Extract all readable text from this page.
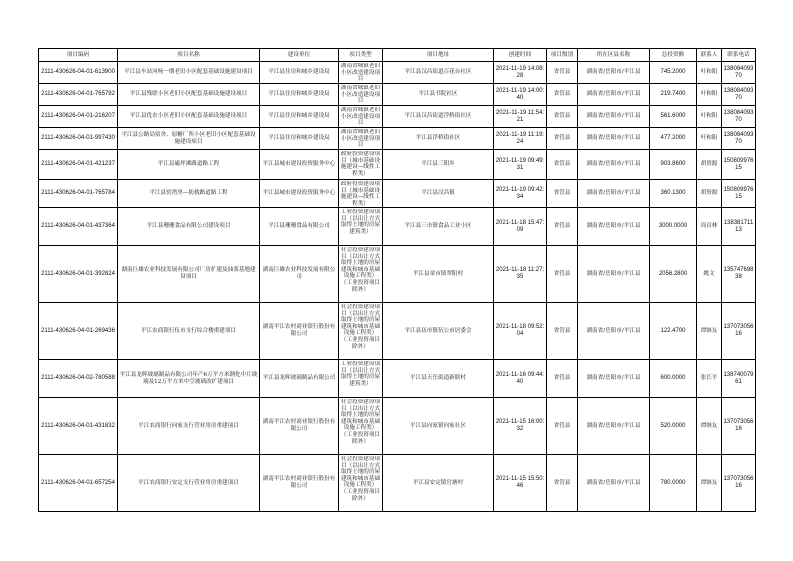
项目编码	项目名称	建设单位	项目类型	项目地址	创建时间	项目级别	所在区县名称	总投资额	联系人	联系电话
2111-430626-04-01-613900	平江县车站河杨一期老旧小区配套基础设施建设项目	平江县住房和城乡建设局	湖南省城镇老旧小区改造建设项目	平江县汉昌街道百花台社区	2021-11-19 14:08:28	省管县	湖南省/岳阳市/平江县	745.2000	叶和阳	13808409370
2111-430626-04-01-765792	平江县残联小区老旧小区配套基础设施建设项目	平江县住房和城乡建设局	湖南省城镇老旧小区改造建设项目	平江县书院社区	2021-11-19 14:00:40	省管县	湖南省/岳阳市/平江县	219.7400	叶和阳	13808409370
2111-430626-04-01-216207	平江县优农小区老旧小区配套基础设施建设项目	平江县住房和城乡建设局	湖南省城镇老旧小区改造建设项目	平江县汉昌街道浮桥街社区	2021-11-19 11:54:21	省管县	湖南省/岳阳市/平江县	561.6000	叶和阳	13808409370
2111-430626-04-01-997430	平江县公路局宿舍、原糖厂所小区老旧小区配套基础设施建设项目	平江县住房和城乡建设局	湖南省城镇老旧小区改造建设项目	平江县浮桥街社区	2021-11-19 11:19:24	省管县	湖南省/岳阳市/平江县	477.2000	叶和阳	13808409370
2111-430626-04-01-421237	平江县磁坪滩路道路工程	平江县城市建设投资服务中心	政府投资建设项目（城市基础设施建设—线性工程类）	平江县三阳乡	2021-11-19 09:49:31	省管县	湖南省/岳阳市/平江县	903.8600	胡资源	15080997615
2111-430626-04-01-765784	平江县窑湾里—防救路道路工程	平江县城市建设投资服务中心	政府投资建设项目（城市基础设施建设—线性工程类）	平江县汉昌镇	2021-11-19 09:42:34	省管县	湖南省/岳阳市/平江县	360.1300	胡资源	15080997615
2111-430626-04-01-437364	平江县珊珊食品有限公司建设项目	平江县珊珊食品有限公司	工业投资建设项目（以出让方式取得土地的房屋建筑类）	平江县三市镇食品工业小区	2021-11-18 15:47:09	省管县	湖南省/岳阳市/平江县	3000.0000	周首林	13838171113
2111-430626-04-01-392824	湖南巨雄农业科技发展有限公司厂房扩建及油茶基地建设项目	湖南巨雄农业科技发展有限公司	社会投资建设项目（以出让方式取得土地的房屋建筑和城市基础设施工程类）（工业投资项目除外）	平江县童市镇翠阳村	2021-11-18 11:27:35	省管县	湖南省/岳阳市/平江县	2056.2800	姚文	13574769838
2111-430626-04-01-269436	平江农商银行伍市支行综合楼重建项目	湖南平江农村商业银行股份有限公司	社会投资建设项目（以出让方式取得土地的房屋建筑和城市基础设施工程类）（工业投资项目除外）	平江县伍市镇伍公市居委会	2021-11-18 09:52:04	省管县	湖南省/岳阳市/平江县	122.4700	谭继友	13707305616
2111-430626-04-02-780588	平江县龙晖玻璃制品有限公司年产6万平方米钢化中片玻璃及12万平方米中空玻璃改扩建项目	平江县龙晖玻璃制品有限公司	工业投资建设项目（以出让方式取得土地的房屋建筑类）	平江县天岳街道新联村	2021-11-16 09:44:40	省管县	湖南省/岳阳市/平江县	600.0000	张长平	13874007961
2111-430626-04-01-431832	平江农商银行向家支行营业用房重建项目	湖南平江农村商业银行股份有限公司	社会投资建设项目（以出让方式取得土地的房屋建筑和城市基础设施工程类）（工业投资项目除外）	平江县向家镇向家社区	2021-11-15 16:00:32	省管县	湖南省/岳阳市/平江县	520.0000	谭继友	13707305616
2111-430626-04-01-657254	平江农商银行安定支行营业用房重建项目	湖南平江农村商业银行股份有限公司	社会投资建设项目（以出让方式取得土地的房屋建筑和城市基础设施工程类）（工业投资项目除外）	平江县安定镇官塘村	2021-11-15 15:50:46	省管县	湖南省/岳阳市/平江县	780.0000	谭继友	13707305616
